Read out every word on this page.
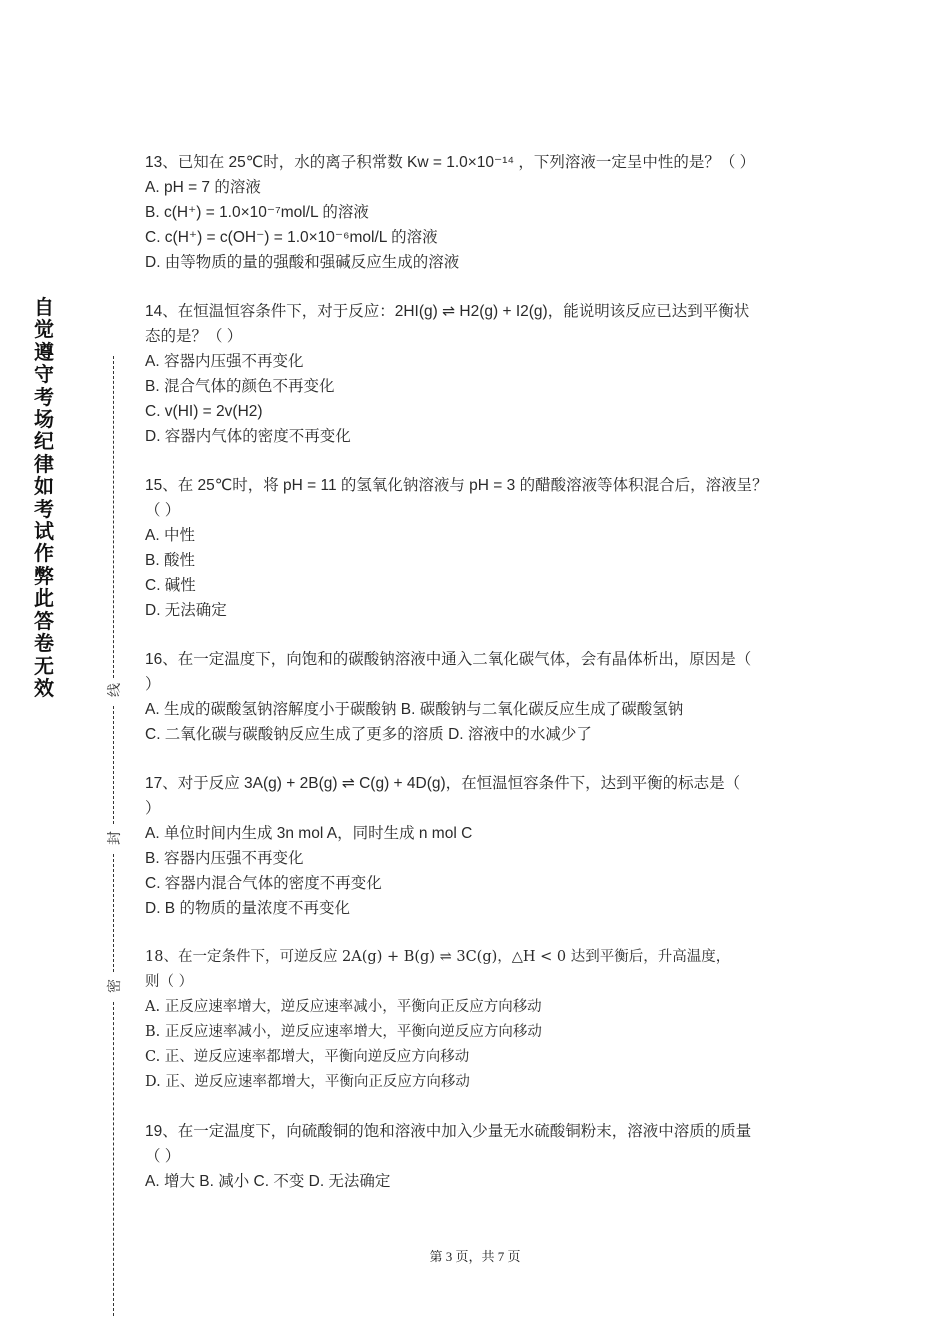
自觉遵守考场纪律如考试作弊此答卷无效	线
封
密

13、已知在 25℃时，水的离子积常数 Kw = 1.0×10⁻¹⁴ ，下列溶液一定呈中性的是？（ ）

A. pH = 7 的溶液

B. c(H⁺) = 1.0×10⁻⁷mol/L 的溶液

C. c(H⁺) = c(OH⁻) = 1.0×10⁻⁶mol/L 的溶液

D. 由等物质的量的强酸和强碱反应生成的溶液

14、在恒温恒容条件下，对于反应：2HI(g) ⇌ H2(g) + I2(g)，能说明该反应已达到平衡状

态的是？（ ）

A. 容器内压强不再变化

B. 混合气体的颜色不再变化

C. v(HI) = 2v(H2)

D. 容器内气体的密度不再变化

15、在 25℃时，将 pH = 11 的氢氧化钠溶液与 pH = 3 的醋酸溶液等体积混合后，溶液呈？

（ ）

A. 中性

B. 酸性

C. 碱性

D. 无法确定

16、在一定温度下，向饱和的碳酸钠溶液中通入二氧化碳气体，会有晶体析出，原因是（

）

A. 生成的碳酸氢钠溶解度小于碳酸钠 B. 碳酸钠与二氧化碳反应生成了碳酸氢钠

C. 二氧化碳与碳酸钠反应生成了更多的溶质 D. 溶液中的水减少了

17、对于反应 3A(g) + 2B(g) ⇌ C(g) + 4D(g)，在恒温恒容条件下，达到平衡的标志是（

）

A. 单位时间内生成 3n mol A，同时生成 n mol C

B. 容器内压强不再变化

C. 容器内混合气体的密度不再变化

D. B 的物质的量浓度不再变化

18、在一定条件下，可逆反应 2A(g) + B(g) ⇌ 3C(g)，△H < 0 达到平衡后，升高温度，

则（ ）

A. 正反应速率增大，逆反应速率减小，平衡向正反应方向移动

B. 正反应速率减小，逆反应速率增大，平衡向逆反应方向移动

C. 正、逆反应速率都增大，平衡向逆反应方向移动

D. 正、逆反应速率都增大，平衡向正反应方向移动

19、在一定温度下，向硫酸铜的饱和溶液中加入少量无水硫酸铜粉末，溶液中溶质的质量

（ ）

A. 增大 B. 减小 C. 不变 D. 无法确定

第 3 页，共 7 页
